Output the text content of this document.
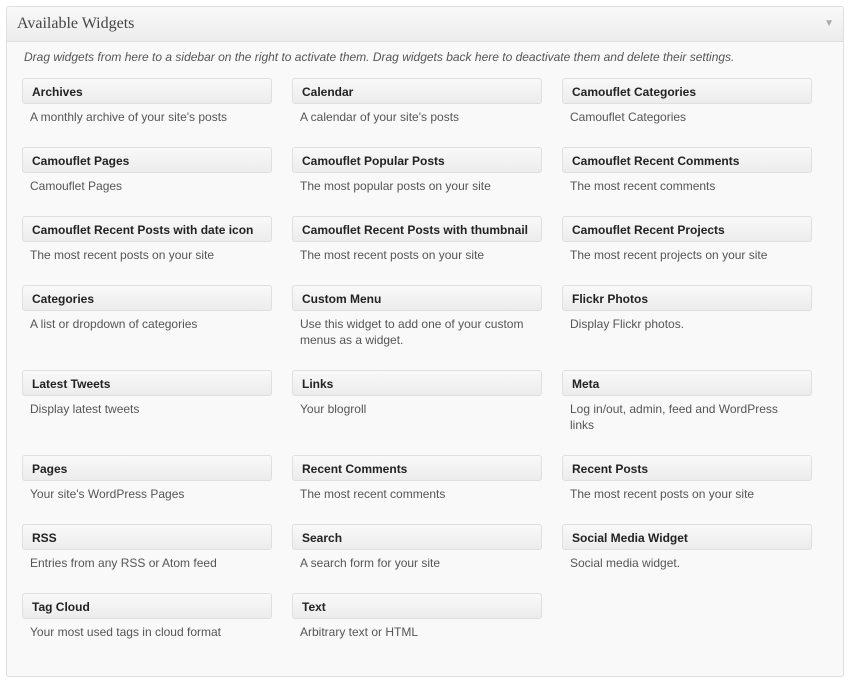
Available Widgets	▼
Drag widgets from here to a sidebar on the right to activate them. Drag widgets back here to deactivate them and delete their settings.
Archives
A monthly archive of your site's posts
Calendar
A calendar of your site's posts
Camouflet Categories
Camouflet Categories
Camouflet Pages
Camouflet Pages
Camouflet Popular Posts
The most popular posts on your site
Camouflet Recent Comments
The most recent comments
Camouflet Recent Posts with date icon
The most recent posts on your site
Camouflet Recent Posts with thumbnail
The most recent posts on your site
Camouflet Recent Projects
The most recent projects on your site
Categories
A list or dropdown of categories
Custom Menu
Use this widget to add one of your custom menus as a widget.
Flickr Photos
Display Flickr photos.
Latest Tweets
Display latest tweets
Links
Your blogroll
Meta
Log in/out, admin, feed and WordPress links
Pages
Your site's WordPress Pages
Recent Comments
The most recent comments
Recent Posts
The most recent posts on your site
RSS
Entries from any RSS or Atom feed
Search
A search form for your site
Social Media Widget
Social media widget.
Tag Cloud
Your most used tags in cloud format
Text
Arbitrary text or HTML
